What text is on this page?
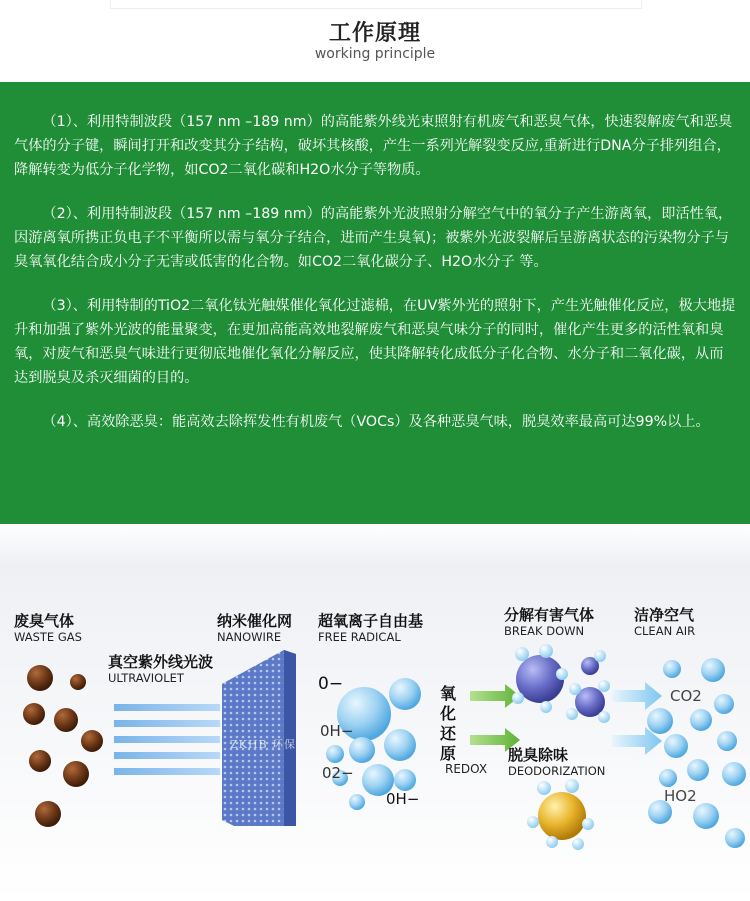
工作原理
working principle

（1）、利用特制波段（157 nm –189 nm）的高能紫外线光束照射有机废气和恶臭气体，快速裂解废气和恶臭气体的分子键，瞬间打开和改变其分子结构，破坏其核酸，产生一系列光解裂变反应,重新进行DNA分子排列组合，降解转变为低分子化学物，如CO2二氧化碳和H2O水分子等物质。

（2）、利用特制波段（157 nm –189 nm）的高能紫外光波照射分解空气中的氧分子产生游离氧，即活性氧，因游离氧所携正负电子不平衡所以需与氧分子结合，进而产生臭氧)；被紫外光波裂解后呈游离状态的污染物分子与臭氧氧化结合成小分子无害或低害的化合物。如CO2二氧化碳分子、H2O水分子 等。

（3）、利用特制的TiO2二氧化钛光触媒催化氧化过滤棉，在UV紫外光的照射下，产生光触催化反应，极大地提升和加强了紫外光波的能量聚变，在更加高能高效地裂解废气和恶臭气味分子的同时，催化产生更多的活性氧和臭氧，对废气和恶臭气味进行更彻底地催化氧化分解反应，使其降解转化成低分子化合物、水分子和二氧化碳，从而达到脱臭及杀灭细菌的目的。

（4）、高效除恶臭：能高效去除挥发性有机废气（VOCs）及各种恶臭气味，脱臭效率最高可达99%以上。

ZKHB 环保
废臭气体
WASTE GAS
真空紫外线光波
ULTRAVIOLET
纳米催化网
NANOWIRE
超氧离子自由基
FREE RADICAL
分解有害气体
BREAK DOWN
洁净空气
CLEAN AIR
脱臭除味
DEODORIZATION
0−
0H−
02−
0H−
氧
化
还
原
REDOX
CO2
HO2
